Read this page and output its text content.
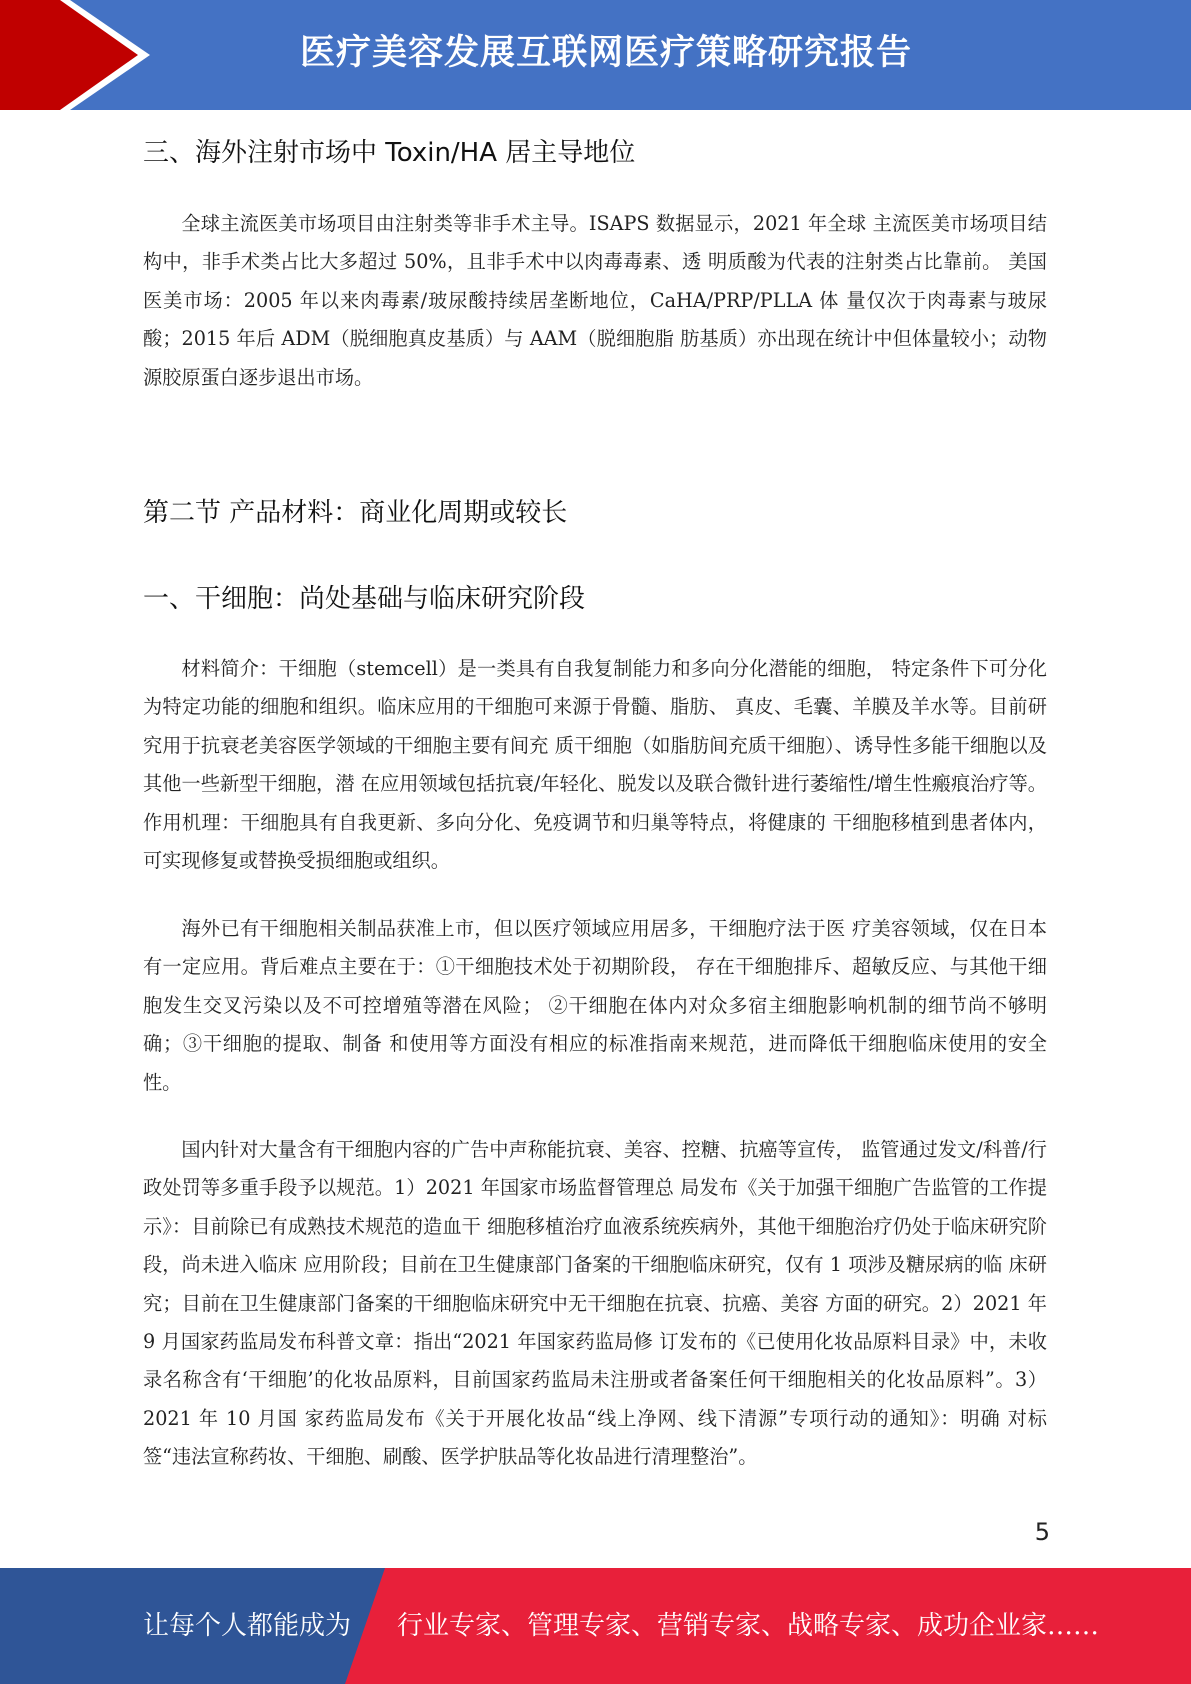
医疗美容发展互联网医疗策略研究报告
三、海外注射市场中 Toxin/HA 居主导地位
全球主流医美市场项目由注射类等非手术主导。ISAPS 数据显示，2021 年全球 主流医美市场项目结构中，非手术类占比大多超过 50%，且非手术中以肉毒毒素、透 明质酸为代表的注射类占比靠前。 美国医美市场：2005 年以来肉毒素/玻尿酸持续居垄断地位，CaHA/PRP/PLLA 体 量仅次于肉毒素与玻尿酸；2015 年后 ADM（脱细胞真皮基质）与 AAM（脱细胞脂 肪基质）亦出现在统计中但体量较小；动物源胶原蛋白逐步退出市场。
第二节 产品材料：商业化周期或较长
一、干细胞：尚处基础与临床研究阶段
材料简介：干细胞（stemcell）是一类具有自我复制能力和多向分化潜能的细胞， 特定条件下可分化为特定功能的细胞和组织。临床应用的干细胞可来源于骨髓、脂肪、 真皮、毛囊、羊膜及羊水等。目前研究用于抗衰老美容医学领域的干细胞主要有间充 质干细胞（如脂肪间充质干细胞）、诱导性多能干细胞以及其他一些新型干细胞，潜 在应用领域包括抗衰/年轻化、脱发以及联合微针进行萎缩性/增生性瘢痕治疗等。 作用机理：干细胞具有自我更新、多向分化、免疫调节和归巢等特点，将健康的 干细胞移植到患者体内，可实现修复或替换受损细胞或组织。
海外已有干细胞相关制品获准上市，但以医疗领域应用居多，干细胞疗法于医 疗美容领域，仅在日本有一定应用。背后难点主要在于：①干细胞技术处于初期阶段， 存在干细胞排斥、超敏反应、与其他干细胞发生交叉污染以及不可控增殖等潜在风险； ②干细胞在体内对众多宿主细胞影响机制的细节尚不够明确；③干细胞的提取、制备 和使用等方面没有相应的标准指南来规范，进而降低干细胞临床使用的安全性。
国内针对大量含有干细胞内容的广告中声称能抗衰、美容、控糖、抗癌等宣传， 监管通过发文/科普/行政处罚等多重手段予以规范。1）2021 年国家市场监督管理总 局发布《关于加强干细胞广告监管的工作提示》：目前除已有成熟技术规范的造血干 细胞移植治疗血液系统疾病外，其他干细胞治疗仍处于临床研究阶段，尚未进入临床 应用阶段；目前在卫生健康部门备案的干细胞临床研究，仅有 1 项涉及糖尿病的临 床研究；目前在卫生健康部门备案的干细胞临床研究中无干细胞在抗衰、抗癌、美容 方面的研究。2）2021 年 9 月国家药监局发布科普文章：指出“2021 年国家药监局修 订发布的《已使用化妆品原料目录》中，未收录名称含有‘干细胞’的化妆品原料，目前国家药监局未注册或者备案任何干细胞相关的化妆品原料”。3）2021 年 10 月国 家药监局发布《关于开展化妆品“线上净网、线下清源”专项行动的通知》：明确 对标签“违法宣称药妆、干细胞、刷酸、医学护肤品等化妆品进行清理整治”。
5
让每个人都能成为 行业专家、管理专家、营销专家、战略专家、成功企业家……
